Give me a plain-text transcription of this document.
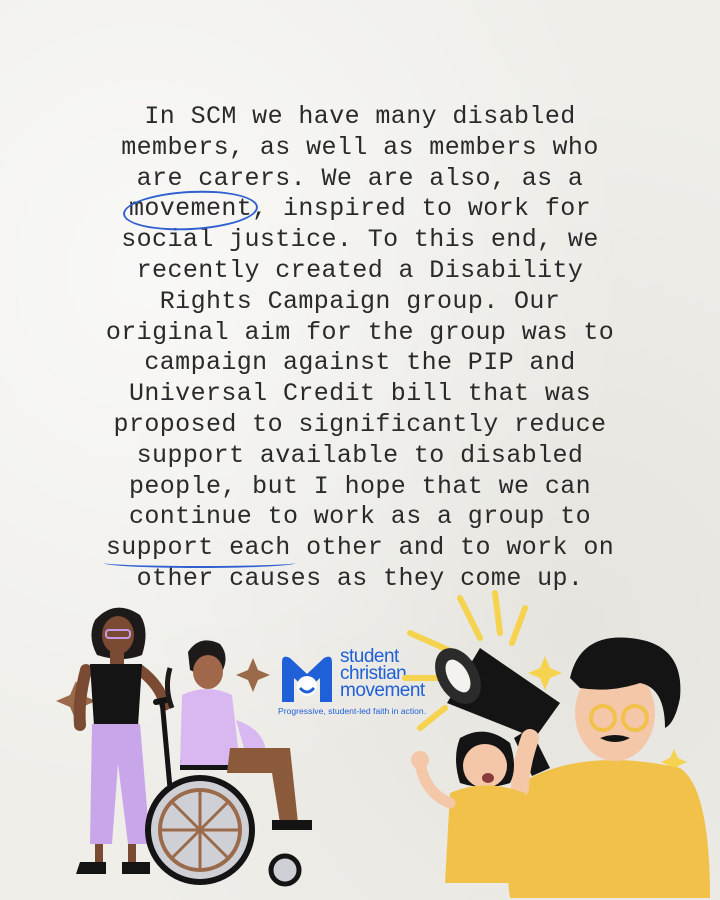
In SCM we have many disabled
members, as well as members who
are carers. We are also, as a
movement, inspired to work for
social justice. To this end, we
recently created a Disability
Rights Campaign group. Our
original aim for the group was to
campaign against the PIP and
Universal Credit bill that was
proposed to significantly reduce
support available to disabled
people, but I hope that we can
continue to work as a group to
support each other and to work on
other causes as they come up.

student
christian
movement
Progressive, student-led faith in action.
